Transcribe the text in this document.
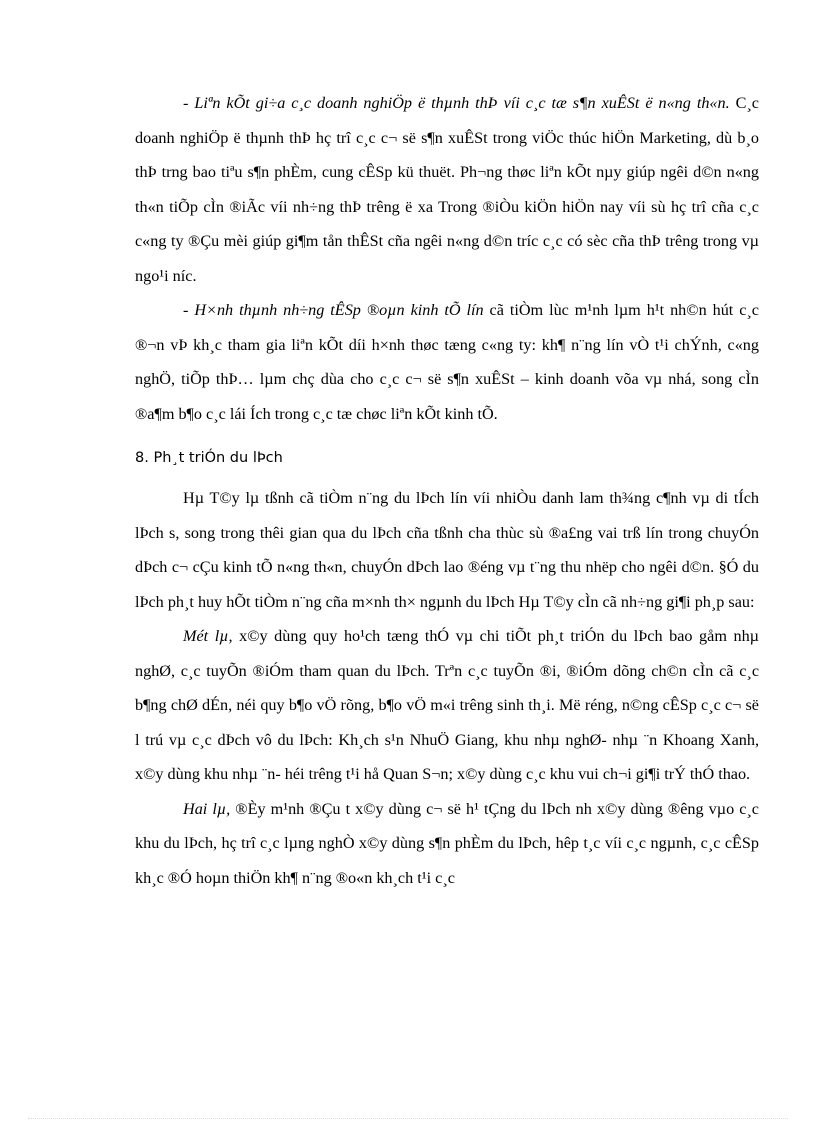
- Liªn kÕt gi÷a c¸c doanh nghiÖp ë thµnh thÞ víi c¸c tæ s¶n xuÊSt ë n«ng th«n. C¸c doanh nghiÖp ë thµnh thÞ hç trî c¸c c¬ së s¶n xuÊSt trong viÖc thúc hiÖn Marketing, dù b¸o thÞ trng bao tiªu s¶n phÈm, cung cÊSp kü thuët. Ph¬ng thøc liªn kÕt nµy giúp ngêi d©n n«ng th«n tiÕp cÌn ®iÃc víi nh÷ng thÞ trêng ë xa Trong ®iÒu kiÖn hiÖn nay víi sù hç trî cña c¸c c«ng ty ®Çu mèi giúp gi¶m tån thÊSt cña ngêi n«ng d©n tríc c¸c có sèc cña thÞ trêng trong vµ ngo¹i níc.

- H×nh thµnh nh÷ng tÊSp ®oµn kinh tÕ lín cã tiÒm lùc m¹nh lµm h¹t nh©n hút c¸c ®¬n vÞ kh¸c tham gia liªn kÕt díi h×nh thøc tæng c«ng ty: kh¶ n¨ng lín vÒ t¹i chÝnh, c«ng nghÖ, tiÕp thÞ… lµm chç dùa cho c¸c c¬ së s¶n xuÊSt – kinh doanh võa vµ nhá, song cÌn ®a¶m b¶o c¸c lái Ích trong c¸c tæ chøc liªn kÕt kinh tÕ.

8. Ph¸t triÓn du lÞch

Hµ T©y lµ tßnh cã tiÒm n¨ng du lÞch lín víi nhiÒu danh lam th¾ng c¶nh vµ di tÍch lÞch s, song trong thêi gian qua du lÞch cña tßnh cha thùc sù ®a£ng vai trß lín trong chuyÓn dÞch c¬ cÇu kinh tÕ n«ng th«n, chuyÓn dÞch lao ®éng vµ t¨ng thu nhëp cho ngêi d©n. §Ó du lÞch ph¸t huy hÕt tiÒm n¨ng cña m×nh th× ngµnh du lÞch Hµ T©y cÌn cã nh÷ng gi¶i ph¸p sau:

Mét lµ, x©y dùng quy ho¹ch tæng thÓ vµ chi tiÕt ph¸t triÓn du lÞch bao gåm nhµ nghØ, c¸c tuyÕn ®iÓm tham quan du lÞch. Trªn c¸c tuyÕn ®i, ®iÓm dõng ch©n cÌn cã c¸c b¶ng chØ dÉn, néi quy b¶o vÖ rõng, b¶o vÖ m«i trêng sinh th¸i. Më réng, n©ng cÊSp c¸c c¬ së l trú vµ c¸c dÞch vô du lÞch: Kh¸ch s¹n NhuÖ Giang, khu nhµ nghØ- nhµ ¨n Khoang Xanh, x©y dùng khu nhµ ¨n- héi trêng t¹i hå Quan S¬n; x©y dùng c¸c khu vui ch¬i gi¶i trÝ thÓ thao.

Hai lµ, ®Èy m¹nh ®Çu t x©y dùng c¬ së h¹ tÇng du lÞch nh x©y dùng ®êng vµo c¸c khu du lÞch, hç trî c¸c lµng nghÒ x©y dùng s¶n phÈm du lÞch, hêp t¸c víi c¸c ngµnh, c¸c cÊSp kh¸c ®Ó hoµn thiÖn kh¶ n¨ng ®o«n kh¸ch t¹i c¸c
